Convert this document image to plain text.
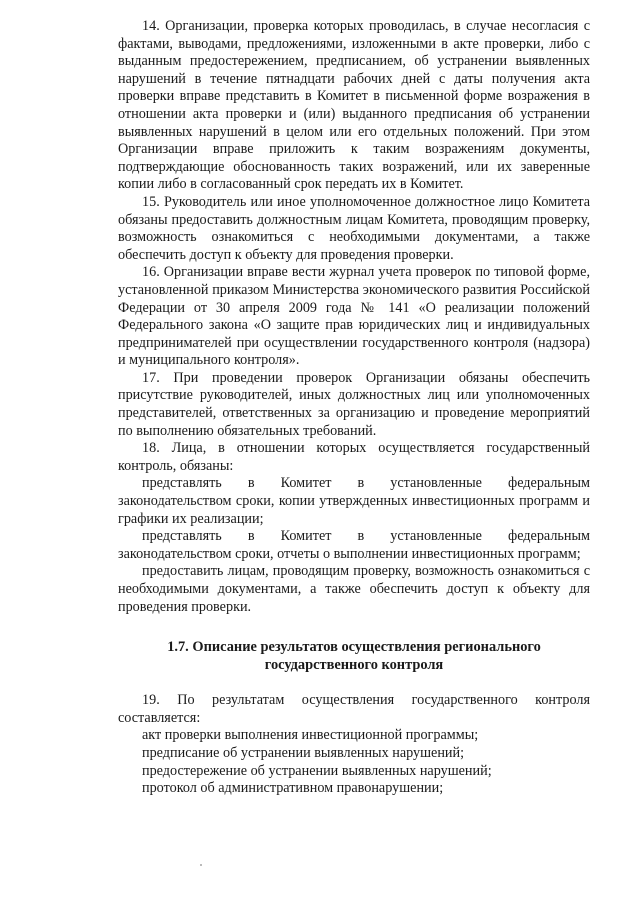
14. Организации, проверка которых проводилась, в случае несогласия с фактами, выводами, предложениями, изложенными в акте проверки, либо с выданным предостережением, предписанием, об устранении выявленных нарушений в течение пятнадцати рабочих дней с даты получения акта проверки вправе представить в Комитет в письменной форме возражения в отношении акта проверки и (или) выданного предписания об устранении выявленных нарушений в целом или его отдельных положений. При этом Организации вправе приложить к таким возражениям документы, подтверждающие обоснованность таких возражений, или их заверенные копии либо в согласованный срок передать их в Комитет.

15. Руководитель или иное уполномоченное должностное лицо Комитета обязаны предоставить должностным лицам Комитета, проводящим проверку, возможность ознакомиться с необходимыми документами, а также обеспечить доступ к объекту для проведения проверки.

16. Организации вправе вести журнал учета проверок по типовой форме, установленной приказом Министерства экономического развития Российской Федерации от 30 апреля 2009 года № 141 «О реализации положений Федерального закона «О защите прав юридических лиц и индивидуальных предпринимателей при осуществлении государственного контроля (надзора) и муниципального контроля».

17. При проведении проверок Организации обязаны обеспечить присутствие руководителей, иных должностных лиц или уполномоченных представителей, ответственных за организацию и проведение мероприятий по выполнению обязательных требований.

18. Лица, в отношении которых осуществляется государственный контроль, обязаны:

представлять в Комитет в установленные федеральным законодательством сроки, копии утвержденных инвестиционных программ и графики их реализации;

представлять в Комитет в установленные федеральным законодательством сроки, отчеты о выполнении инвестиционных программ;

предоставить лицам, проводящим проверку, возможность ознакомиться с необходимыми документами, а также обеспечить доступ к объекту для проведения проверки.

1.7. Описание результатов осуществления регионального государственного контроля

19. По результатам осуществления государственного контроля составляется:

акт проверки выполнения инвестиционной программы;

предписание об устранении выявленных нарушений;

предостережение об устранении выявленных нарушений;

протокол об административном правонарушении;
